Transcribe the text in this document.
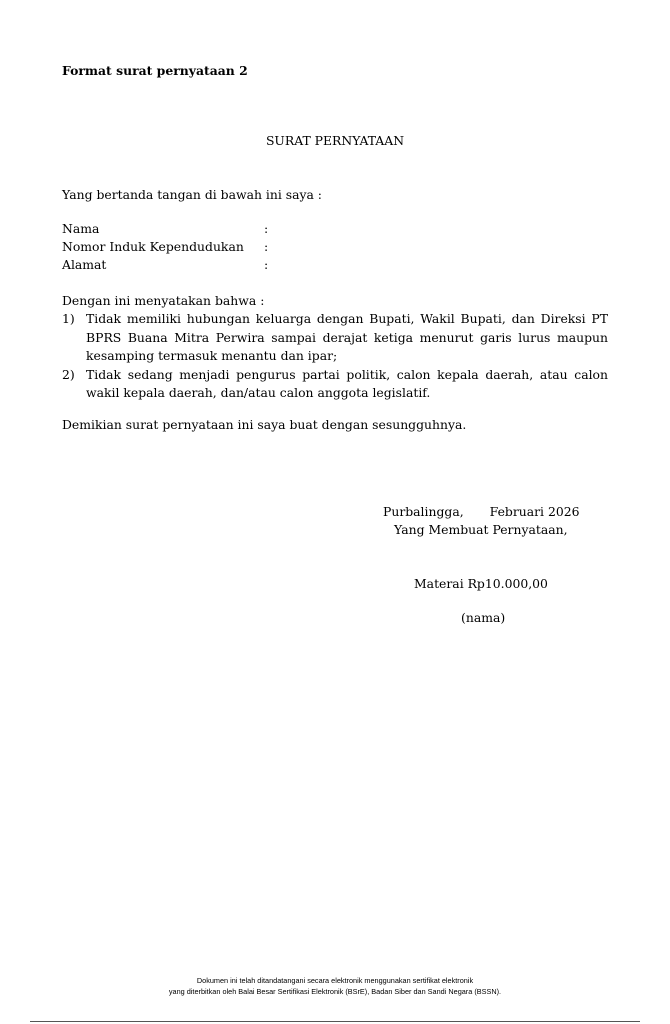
Format surat pernyataan 2
SURAT PERNYATAAN
Yang bertanda tangan di bawah ini saya :
Nama	:
Nomor Induk Kependudukan :
Alamat	:
Dengan ini menyatakan bahwa :
1) Tidak memiliki hubungan keluarga dengan Bupati, Wakil Bupati, dan Direksi PT BPRS Buana Mitra Perwira sampai derajat ketiga menurut garis lurus maupun kesamping termasuk menantu dan ipar;
2) Tidak sedang menjadi pengurus partai politik, calon kepala daerah, atau calon wakil kepala daerah, dan/atau calon anggota legislatif.
Demikian surat pernyataan ini saya buat dengan sesungguhnya.
Purbalingga, Februari 2026
Yang Membuat Pernyataan,
Materai Rp10.000,00
(nama)
Dokumen ini telah ditandatangani secara elektronik menggunakan sertifikat elektronik
yang diterbitkan oleh Balai Besar Sertifikasi Elektronik (BSrE), Badan Siber dan Sandi Negara (BSSN).
